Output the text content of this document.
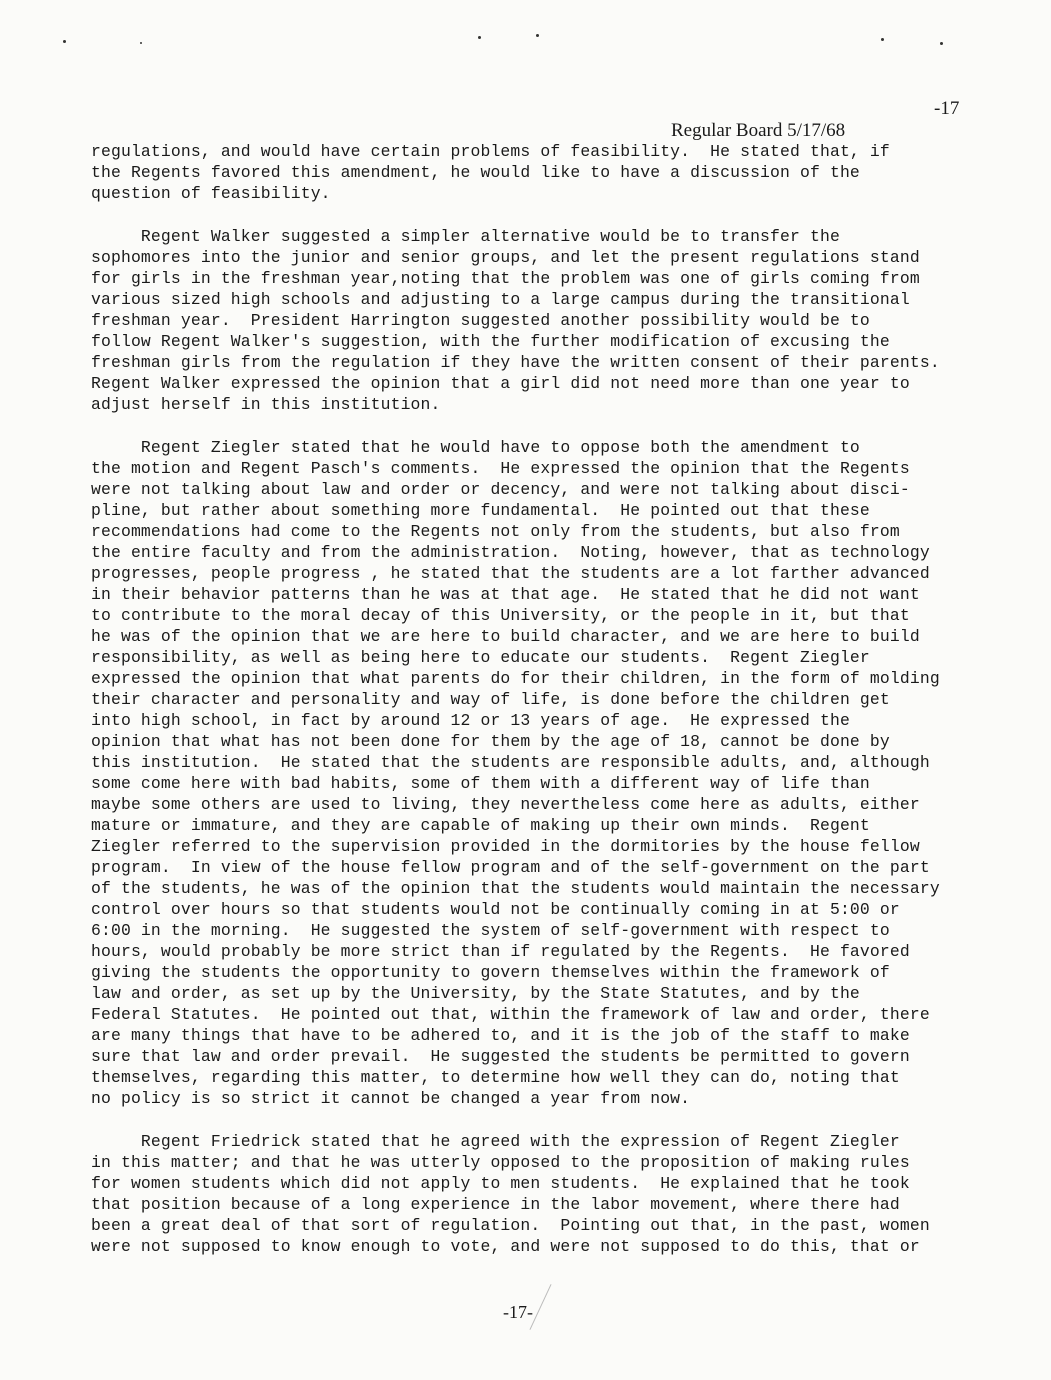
Regular Board 5/17/68

-17

regulations, and would have certain problems of feasibility.  He stated that, if
the Regents favored this amendment, he would like to have a discussion of the
question of feasibility.
Regent Walker suggested a simpler alternative would be to transfer the
sophomores into the junior and senior groups, and let the present regulations stand
for girls in the freshman year,noting that the problem was one of girls coming from
various sized high schools and adjusting to a large campus during the transitional
freshman year.  President Harrington suggested another possibility would be to
follow Regent Walker's suggestion, with the further modification of excusing the
freshman girls from the regulation if they have the written consent of their parents.
Regent Walker expressed the opinion that a girl did not need more than one year to
adjust herself in this institution.
Regent Ziegler stated that he would have to oppose both the amendment to
the motion and Regent Pasch's comments.  He expressed the opinion that the Regents
were not talking about law and order or decency, and were not talking about disci-
pline, but rather about something more fundamental.  He pointed out that these
recommendations had come to the Regents not only from the students, but also from
the entire faculty and from the administration.  Noting, however, that as technology
progresses, people progress , he stated that the students are a lot farther advanced
in their behavior patterns than he was at that age.  He stated that he did not want
to contribute to the moral decay of this University, or the people in it, but that
he was of the opinion that we are here to build character, and we are here to build
responsibility, as well as being here to educate our students.  Regent Ziegler
expressed the opinion that what parents do for their children, in the form of molding
their character and personality and way of life, is done before the children get
into high school, in fact by around 12 or 13 years of age.  He expressed the
opinion that what has not been done for them by the age of 18, cannot be done by
this institution.  He stated that the students are responsible adults, and, although
some come here with bad habits, some of them with a different way of life than
maybe some others are used to living, they nevertheless come here as adults, either
mature or immature, and they are capable of making up their own minds.  Regent
Ziegler referred to the supervision provided in the dormitories by the house fellow
program.  In view of the house fellow program and of the self-government on the part
of the students, he was of the opinion that the students would maintain the necessary
control over hours so that students would not be continually coming in at 5:00 or
6:00 in the morning.  He suggested the system of self-government with respect to
hours, would probably be more strict than if regulated by the Regents.  He favored
giving the students the opportunity to govern themselves within the framework of
law and order, as set up by the University, by the State Statutes, and by the
Federal Statutes.  He pointed out that, within the framework of law and order, there
are many things that have to be adhered to, and it is the job of the staff to make
sure that law and order prevail.  He suggested the students be permitted to govern
themselves, regarding this matter, to determine how well they can do, noting that
no policy is so strict it cannot be changed a year from now.
Regent Friedrick stated that he agreed with the expression of Regent Ziegler
in this matter; and that he was utterly opposed to the proposition of making rules
for women students which did not apply to men students.  He explained that he took
that position because of a long experience in the labor movement, where there had
been a great deal of that sort of regulation.  Pointing out that, in the past, women
were not supposed to know enough to vote, and were not supposed to do this, that or
-17-
